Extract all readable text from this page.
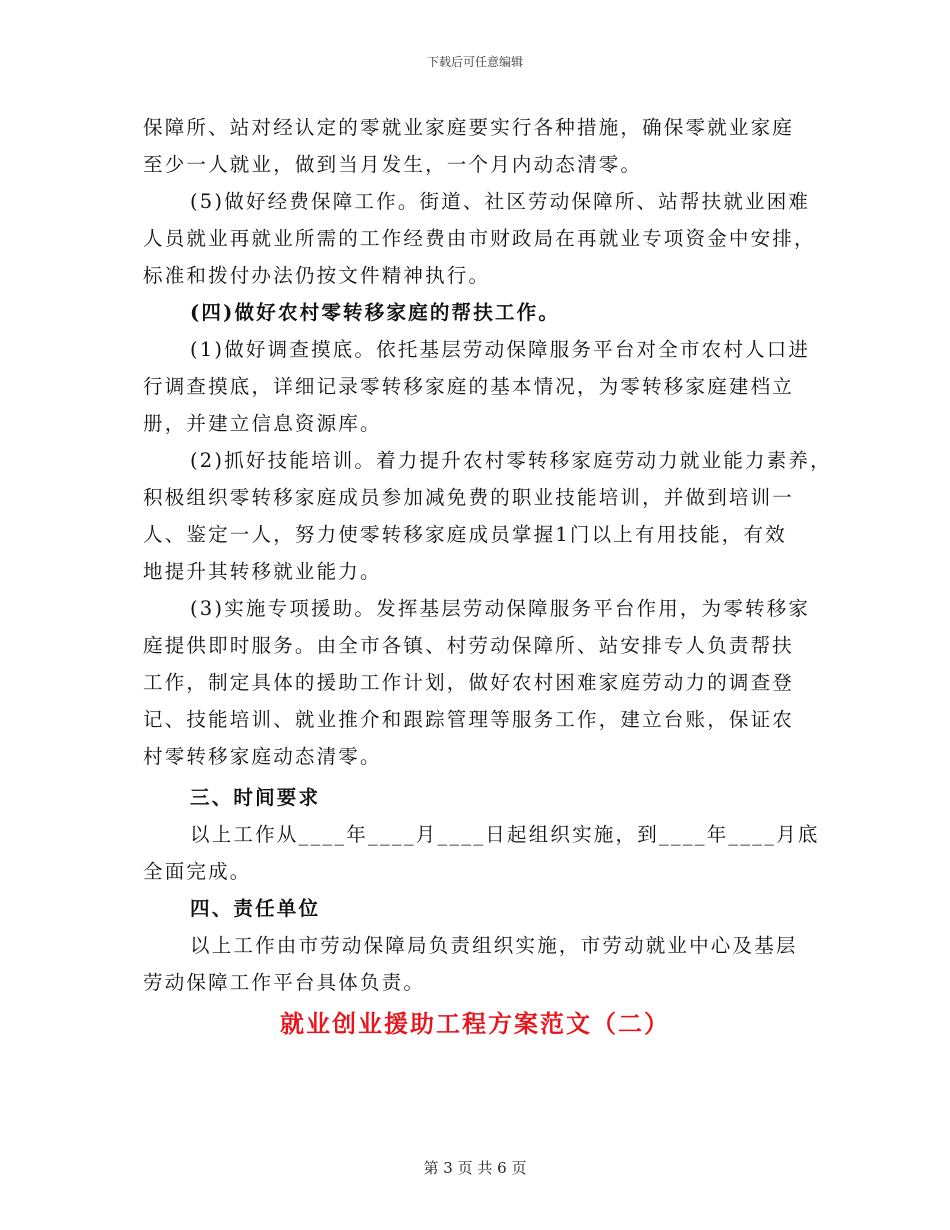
下载后可任意编辑
保障所、站对经认定的零就业家庭要实行各种措施，确保零就业家庭
至少一人就业，做到当月发生，一个月内动态清零。
(5)做好经费保障工作。街道、社区劳动保障所、站帮扶就业困难
人员就业再就业所需的工作经费由市财政局在再就业专项资金中安排，
标准和拨付办法仍按文件精神执行。
(四)做好农村零转移家庭的帮扶工作。
(1)做好调查摸底。依托基层劳动保障服务平台对全市农村人口进
行调查摸底，详细记录零转移家庭的基本情况，为零转移家庭建档立
册，并建立信息资源库。
(2)抓好技能培训。着力提升农村零转移家庭劳动力就业能力素养，
积极组织零转移家庭成员参加减免费的职业技能培训，并做到培训一
人、鉴定一人，努力使零转移家庭成员掌握1门以上有用技能，有效
地提升其转移就业能力。
(3)实施专项援助。发挥基层劳动保障服务平台作用，为零转移家
庭提供即时服务。由全市各镇、村劳动保障所、站安排专人负责帮扶
工作，制定具体的援助工作计划，做好农村困难家庭劳动力的调查登
记、技能培训、就业推介和跟踪管理等服务工作，建立台账，保证农
村零转移家庭动态清零。
三、时间要求
以上工作从____年____月____日起组织实施，到____年____月底
全面完成。
四、责任单位
以上工作由市劳动保障局负责组织实施，市劳动就业中心及基层
劳动保障工作平台具体负责。
就业创业援助工程方案范文（二）
第 3 页 共 6 页
